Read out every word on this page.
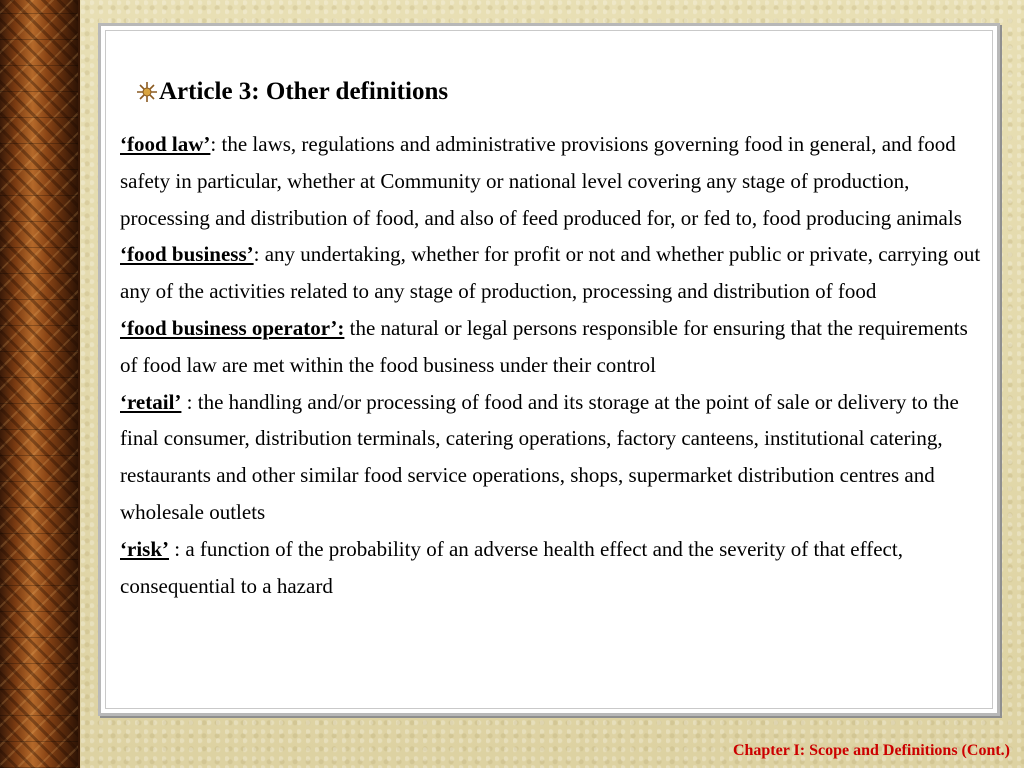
Article 3: Other definitions
‘food law’: the laws, regulations and administrative provisions governing food in general, and food safety in particular, whether at Community or national level covering any stage of production, processing and distribution of food, and also of feed produced for, or fed to, food producing animals
‘food business’: any undertaking, whether for profit or not and whether public or private, carrying out any of the activities related to any stage of production, processing and distribution of food
‘food business operator’: the natural or legal persons responsible for ensuring that the requirements of food law are met within the food business under their control
‘retail’ : the handling and/or processing of food and its storage at the point of sale or delivery to the final consumer, distribution terminals, catering operations, factory canteens, institutional catering, restaurants and other similar food service operations, shops, supermarket distribution centres and wholesale outlets
‘risk’ : a function of the probability of an adverse health effect and the severity of that effect, consequential to a hazard
Chapter I: Scope and Definitions (Cont.)
